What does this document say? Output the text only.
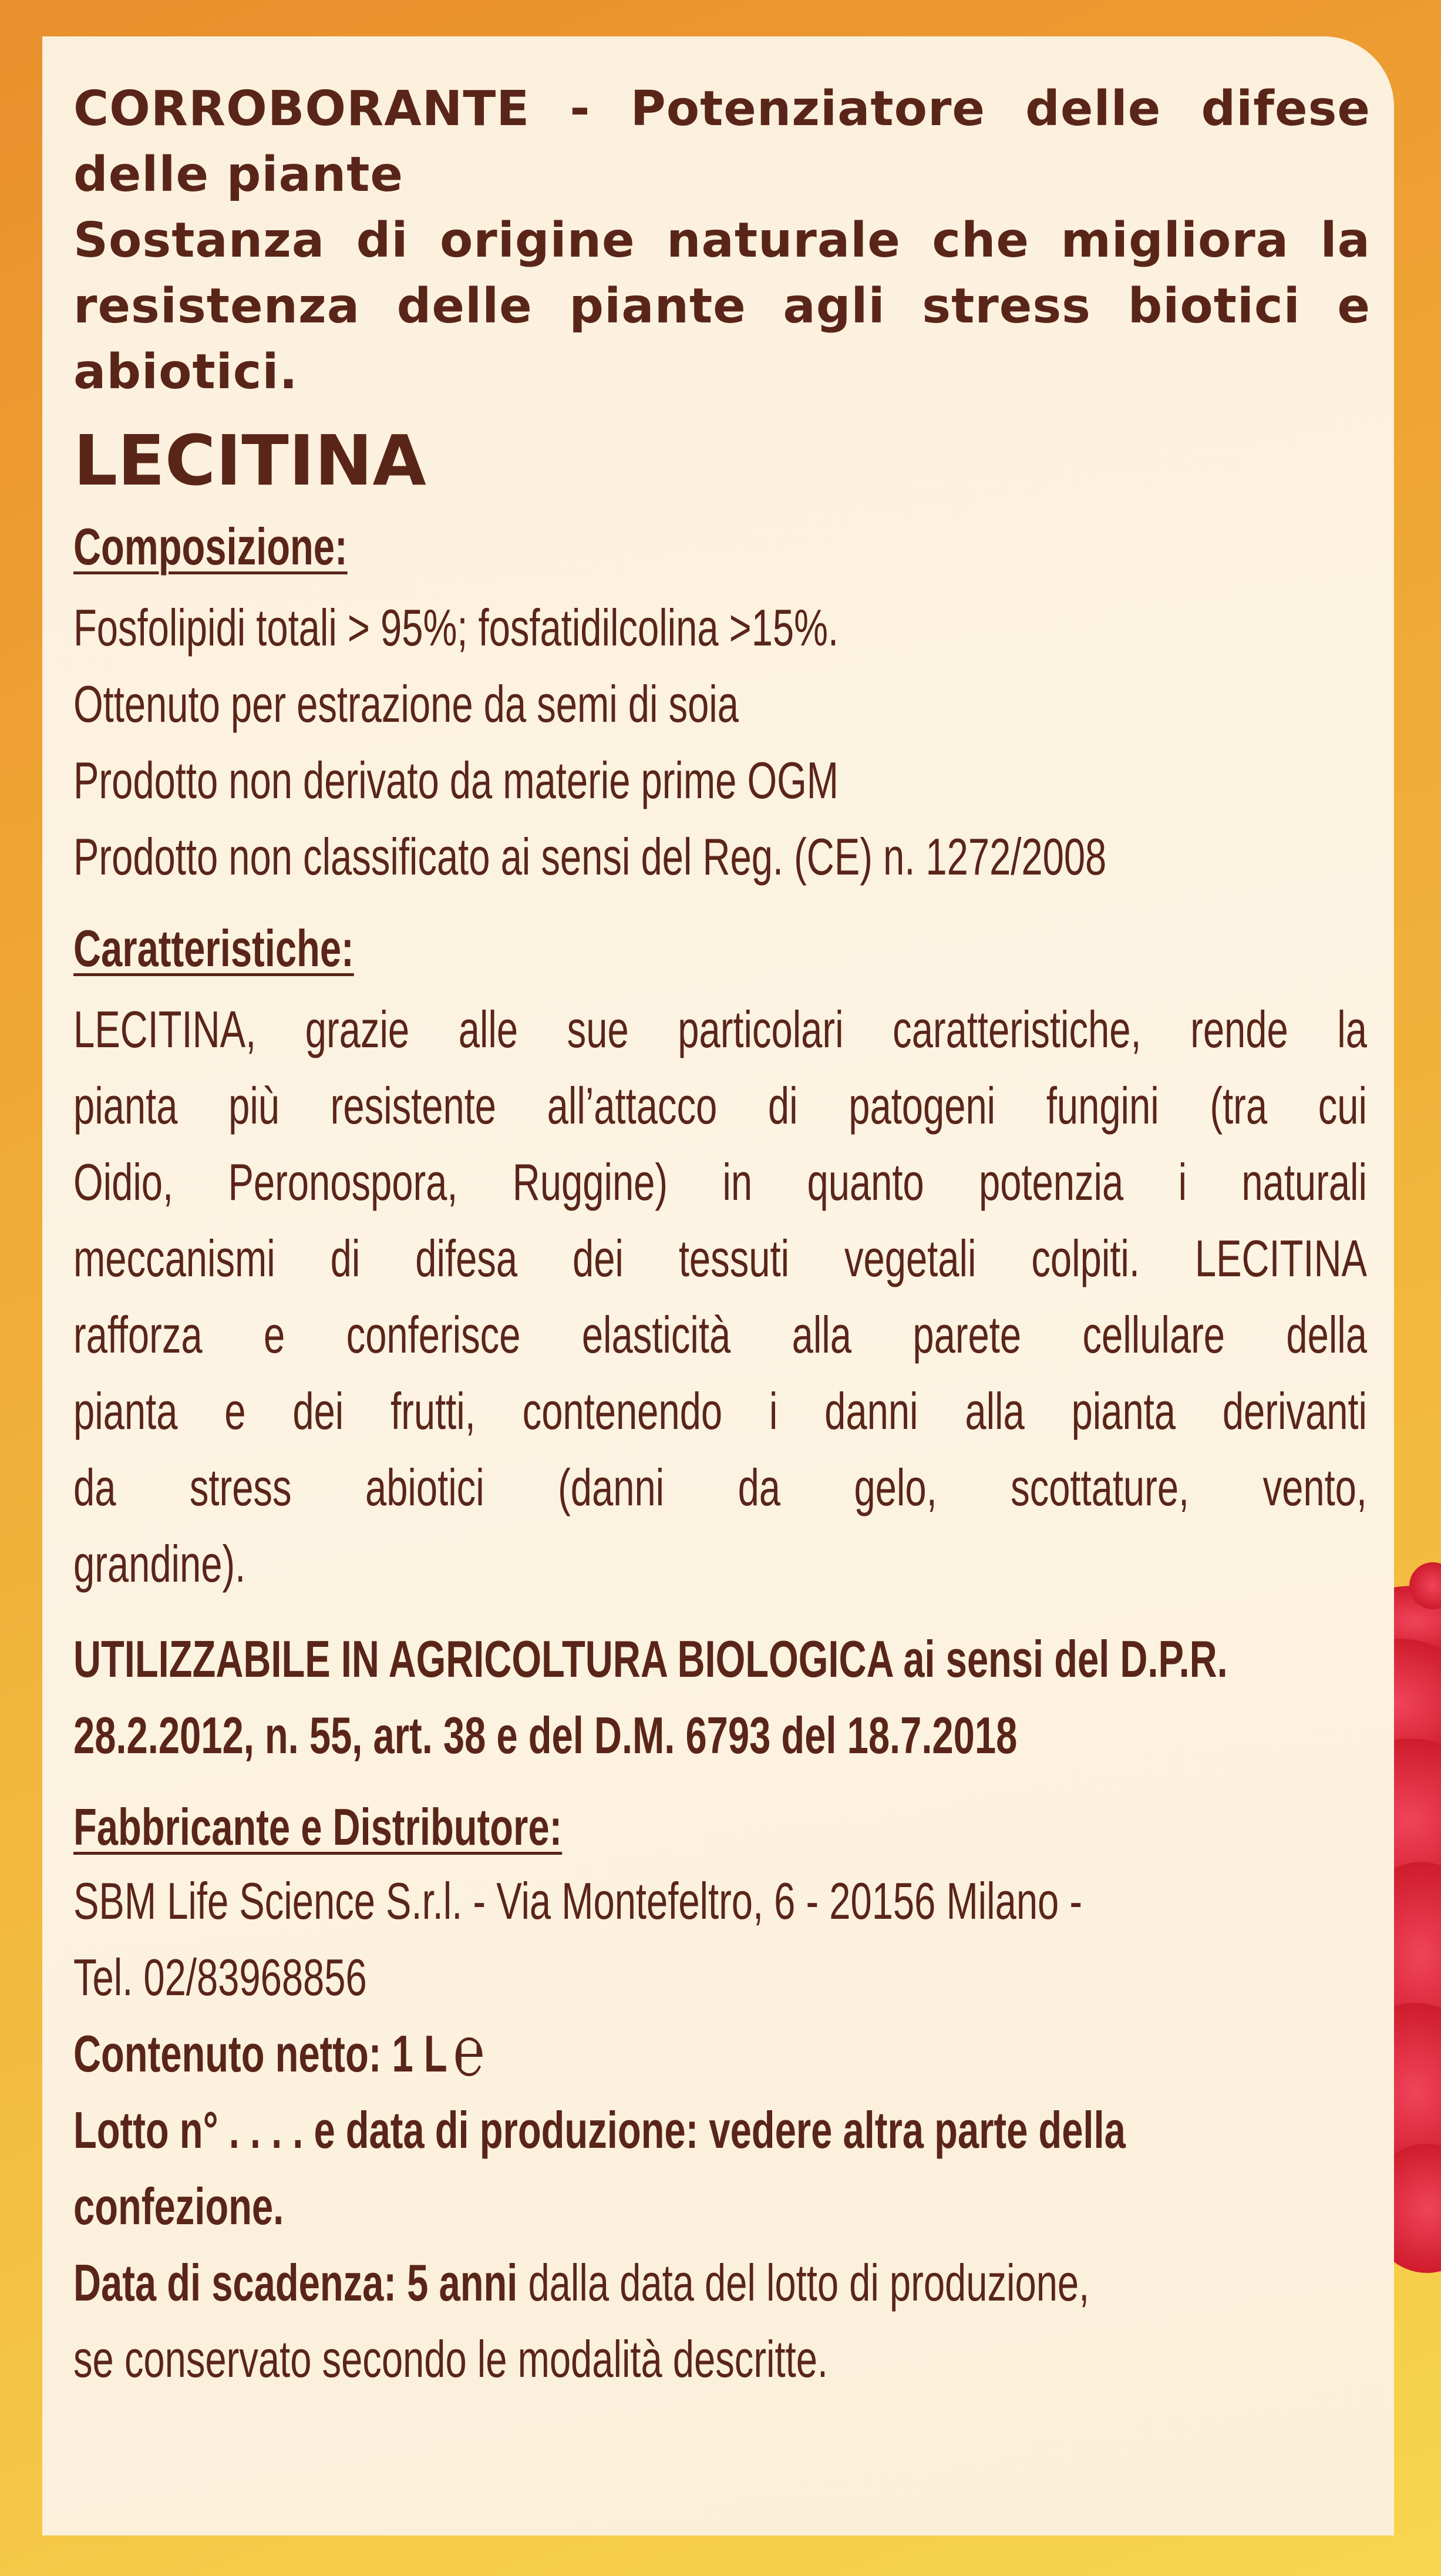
CORROBORANTE - Potenziatore delle difese
delle piante
Sostanza di origine naturale che migliora la
resistenza delle piante agli stress biotici e
abiotici.
LECITINA
Composizione:
Fosfolipidi totali > 95%; fosfatidilcolina >15%.
Ottenuto per estrazione da semi di soia
Prodotto non derivato da materie prime OGM
Prodotto non classificato ai sensi del Reg. (CE) n. 1272/2008
Caratteristiche:
LECITINA, grazie alle sue particolari caratteristiche, rende la
pianta più resistente all’attacco di patogeni fungini (tra cui
Oidio, Peronospora, Ruggine) in quanto potenzia i naturali
meccanismi di difesa dei tessuti vegetali colpiti. LECITINA
rafforza e conferisce elasticità alla parete cellulare della
pianta e dei frutti, contenendo i danni alla pianta derivanti
da stress abiotici (danni da gelo, scottature, vento,
grandine).
UTILIZZABILE IN AGRICOLTURA BIOLOGICA ai sensi del D.P.R.
28.2.2012, n. 55, art. 38 e del D.M. 6793 del 18.7.2018
Fabbricante e Distributore:
SBM Life Science S.r.l. - Via Montefeltro, 6 - 20156 Milano -
Tel. 02/83968856
Contenuto netto: 1 L℮
Lotto n° . . . . e data di produzione: vedere altra parte della
confezione.
Data di scadenza: 5 anni dalla data del lotto di produzione,
se conservato secondo le modalità descritte.
